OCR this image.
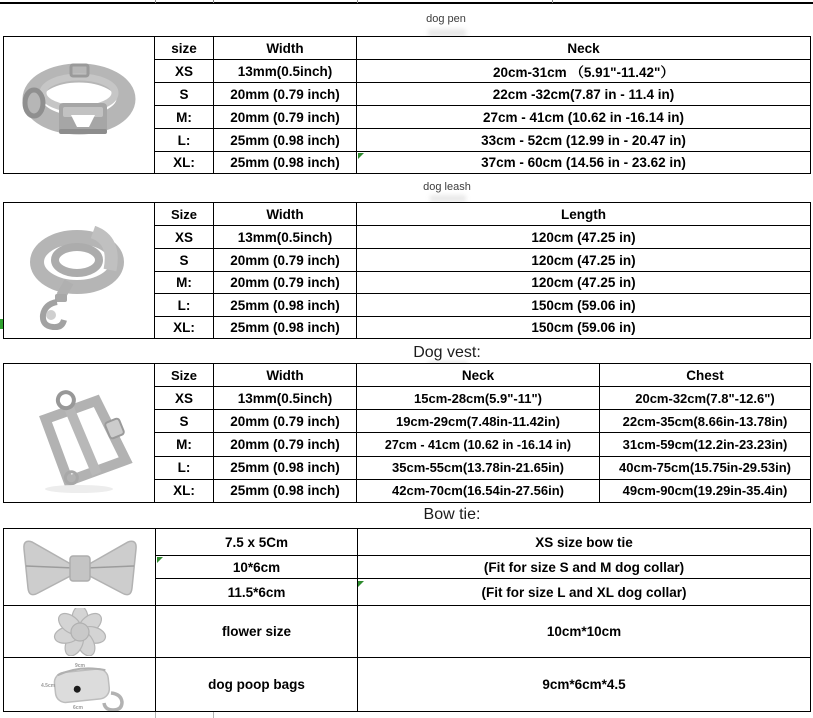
dog pen
	size	Width	Neck
	XS	13mm(0.5inch)	20cm-31cm （5.91"-11.42"）
	S	20mm (0.79 inch)	22cm -32cm(7.87 in - 11.4 in)
	M:	20mm (0.79 inch)	27cm - 41cm (10.62 in -16.14 in)
	L:	25mm (0.98 inch)	33cm - 52cm (12.99 in - 20.47 in)
	XL:	25mm (0.98 inch)	37cm - 60cm (14.56 in - 23.62 in)
dog leash
	Size	Width	Length
	XS	13mm(0.5inch)	120cm (47.25 in)
	S	20mm (0.79 inch)	120cm (47.25 in)
	M:	20mm (0.79 inch)	120cm (47.25 in)
	L:	25mm (0.98 inch)	150cm (59.06 in)
	XL:	25mm (0.98 inch)	150cm (59.06 in)
Dog vest:
	Size	Width	Neck	Chest
	XS	13mm(0.5inch)	15cm-28cm(5.9"-11")	20cm-32cm(7.8"-12.6")
	S	20mm (0.79 inch)	19cm-29cm(7.48in-11.42in)	22cm-35cm(8.66in-13.78in)
	M:	20mm (0.79 inch)	27cm - 41cm (10.62 in -16.14 in)	31cm-59cm(12.2in-23.23in)
	L:	25mm (0.98 inch)	35cm-55cm(13.78in-21.65in)	40cm-75cm(15.75in-29.53in)
	XL:	25mm (0.98 inch)	42cm-70cm(16.54in-27.56in)	49cm-90cm(19.29in-35.4in)
Bow tie:
	7.5 x 5Cm	XS size bow tie
	10*6cm	(Fit for size S and M dog collar)
	11.5*6cm	(Fit for size L and XL dog collar)

	flower size	10cm*10cm

9cm
4.5cm
6cm	dog poop bags	9cm*6cm*4.5
